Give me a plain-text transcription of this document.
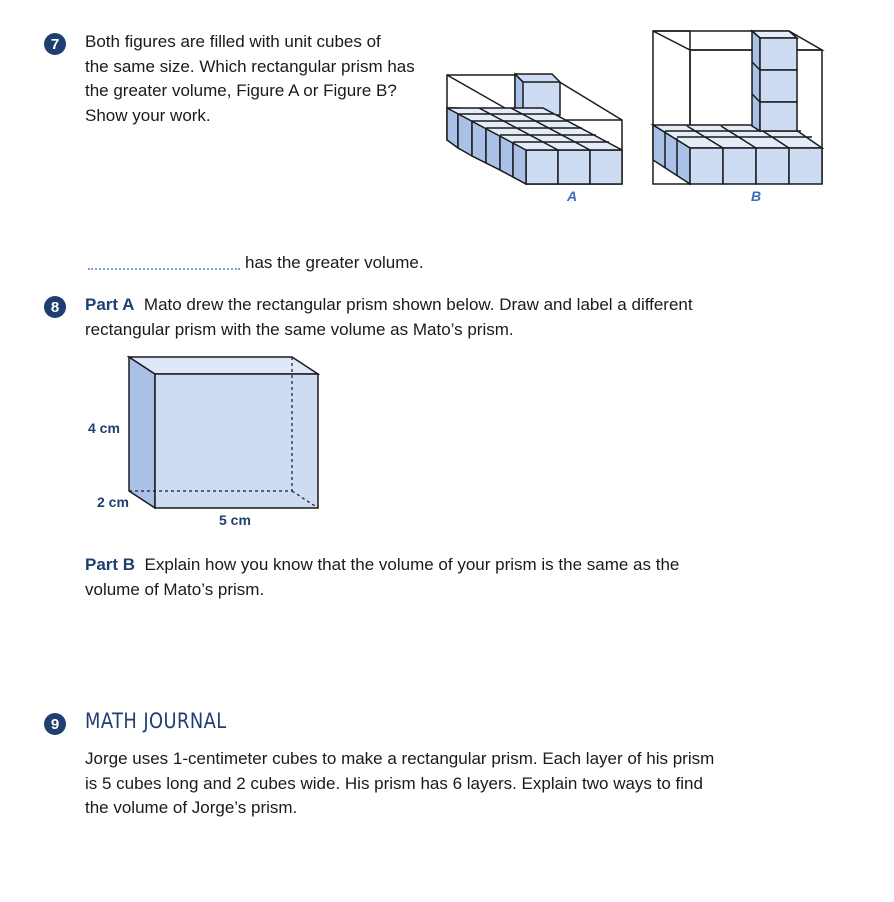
7	Both figures are filled with unit cubes of
the same size. Which rectangular prism has
the greater volume, Figure A or Figure B?
Show your work.
A	B
4 cm
2 cm
5 cm
has the greater volume.
8	Part A Mato drew the rectangular prism shown below. Draw and label a different
rectangular prism with the same volume as Mato’s prism.
Part B Explain how you know that the volume of your prism is the same as the
volume of Mato’s prism.
9	MATH JOURNAL
Jorge uses 1-centimeter cubes to make a rectangular prism. Each layer of his prism
is 5 cubes long and 2 cubes wide. His prism has 6 layers. Explain two ways to find
the volume of Jorge’s prism.
